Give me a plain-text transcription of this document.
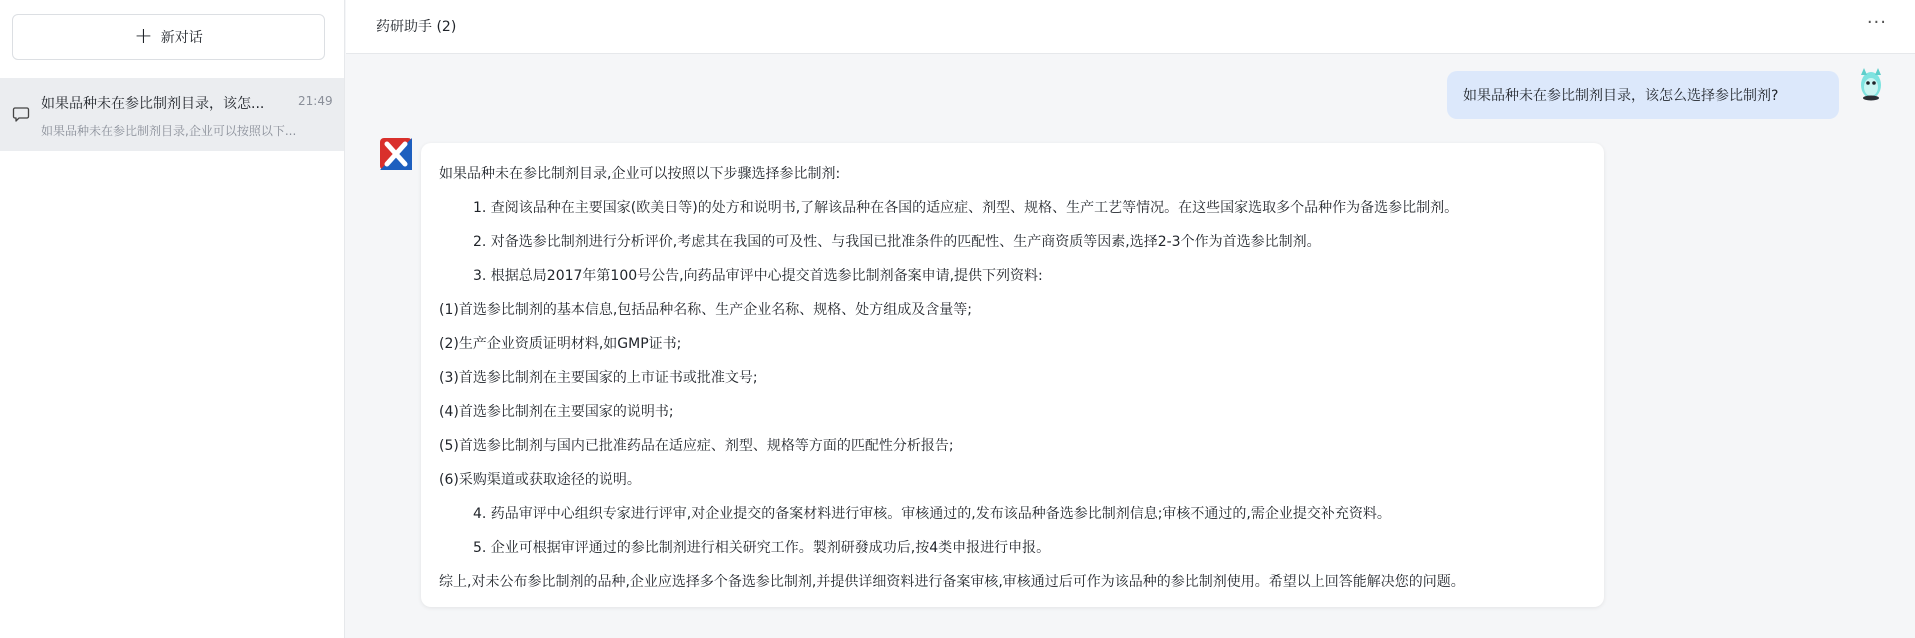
+ 新对话
如果品种未在参比制剂目录，该怎...	21:49
如果品种未在参比制剂目录,企业可以按照以下...
药研助手 (2)	···
如果品种未在参比制剂目录，该怎么选择参比制剂?

如果品种未在参比制剂目录,企业可以按照以下步骤选择参比制剂:

1. 查阅该品种在主要国家(欧美日等)的处方和说明书,了解该品种在各国的适应症、剂型、规格、生产工艺等情况。在这些国家选取多个品种作为备选参比制剂。

2. 对备选参比制剂进行分析评价,考虑其在我国的可及性、与我国已批准条件的匹配性、生产商资质等因素,选择2-3个作为首选参比制剂。

3. 根据总局2017年第100号公告,向药品审评中心提交首选参比制剂备案申请,提供下列资料:

(1)首选参比制剂的基本信息,包括品种名称、生产企业名称、规格、处方组成及含量等;

(2)生产企业资质证明材料,如GMP证书;

(3)首选参比制剂在主要国家的上市证书或批准文号;

(4)首选参比制剂在主要国家的说明书;

(5)首选参比制剂与国内已批准药品在适应症、剂型、规格等方面的匹配性分析报告;

(6)采购渠道或获取途径的说明。

4. 药品审评中心组织专家进行评审,对企业提交的备案材料进行审核。审核通过的,发布该品种备选参比制剂信息;审核不通过的,需企业提交补充资料。

5. 企业可根据审评通过的参比制剂进行相关研究工作。製剂研發成功后,按4类申报进行申报。

综上,对未公布参比制剂的品种,企业应选择多个备选参比制剂,并提供详细资料进行备案审核,审核通过后可作为该品种的参比制剂使用。希望以上回答能解决您的问题。
